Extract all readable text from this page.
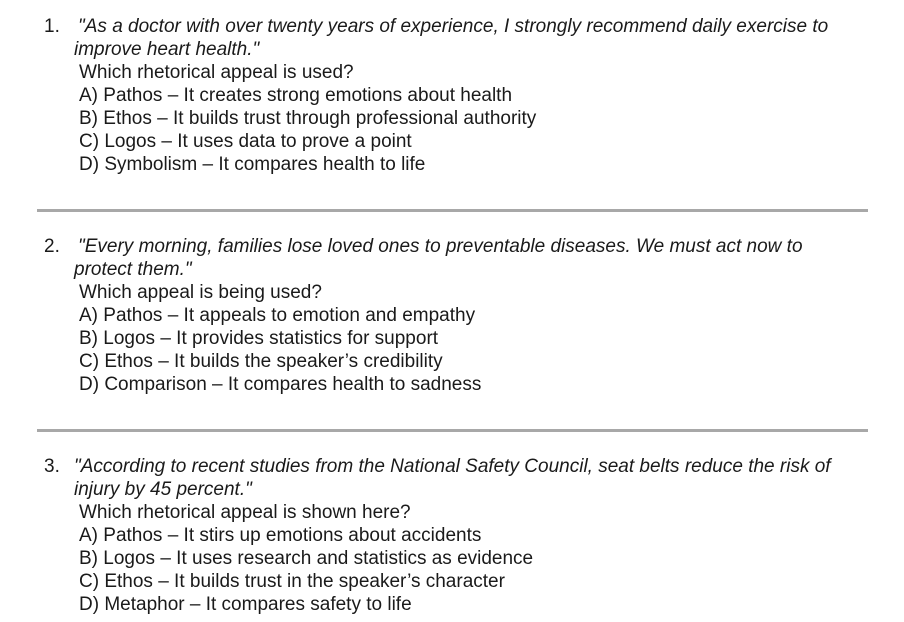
1. "As a doctor with over twenty years of experience, I strongly recommend daily exercise to
improve heart health."
Which rhetorical appeal is used?
A) Pathos – It creates strong emotions about health
B) Ethos – It builds trust through professional authority
C) Logos – It uses data to prove a point
D) Symbolism – It compares health to life
2. "Every morning, families lose loved ones to preventable diseases. We must act now to
protect them."
Which appeal is being used?
A) Pathos – It appeals to emotion and empathy
B) Logos – It provides statistics for support
C) Ethos – It builds the speaker’s credibility
D) Comparison – It compares health to sadness
3. "According to recent studies from the National Safety Council, seat belts reduce the risk of
injury by 45 percent."
Which rhetorical appeal is shown here?
A) Pathos – It stirs up emotions about accidents
B) Logos – It uses research and statistics as evidence
C) Ethos – It builds trust in the speaker’s character
D) Metaphor – It compares safety to life
